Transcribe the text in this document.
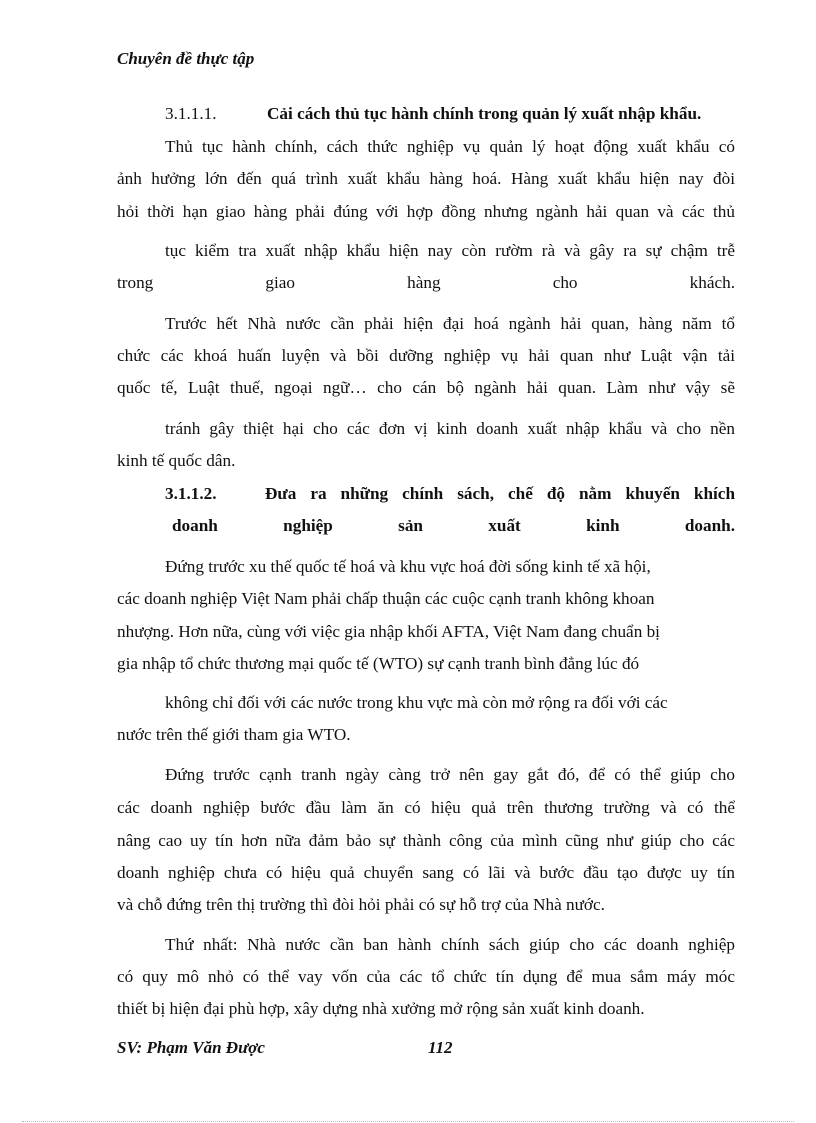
Chuyên đề thực tập
3.1.1.1.	Cải cách thủ tục hành chính trong quản lý xuất nhập khẩu.
Thủ tục hành chính, cách thức nghiệp vụ quản lý hoạt động xuất khẩu có
ảnh hưởng lớn đến quá trình xuất khẩu hàng hoá. Hàng xuất khẩu hiện nay đòi
hỏi thời hạn giao hàng phải đúng với hợp đồng nhưng ngành hải quan và các thủ
tục kiểm tra xuất nhập khẩu hiện nay còn rườm rà và gây ra sự chậm trễ
trong giao hàng cho khách.
Trước hết Nhà nước cần phải hiện đại hoá ngành hải quan, hàng năm tổ
chức các khoá huấn luyện và bồi dưỡng nghiệp vụ hải quan như Luật vận tải
quốc tế, Luật thuế, ngoại ngữ… cho cán bộ ngành hải quan. Làm như vậy sẽ
tránh gây thiệt hại cho các đơn vị kinh doanh xuất nhập khẩu và cho nền
kinh tế quốc dân.
3.1.1.2.	Đưa ra những chính sách, chế độ nằm khuyến khích
doanh nghiệp sản xuất kinh doanh.
Đứng trước xu thế quốc tế hoá và khu vực hoá đời sống kinh tế xã hội,
các doanh nghiệp Việt Nam phải chấp thuận các cuộc cạnh tranh không khoan
nhượng. Hơn nữa, cùng với việc gia nhập khối AFTA, Việt Nam đang chuẩn bị
gia nhập tổ chức thương mại quốc tế (WTO) sự cạnh tranh bình đẳng lúc đó
không chỉ đối với các nước trong khu vực mà còn mở rộng ra đối với các
nước trên thế giới tham gia WTO.
Đứng trước cạnh tranh ngày càng trở nên gay gắt đó, để có thể giúp cho
các doanh nghiệp bước đầu làm ăn có hiệu quả trên thương trường và có thể
nâng cao uy tín hơn nữa đảm bảo sự thành công của mình cũng như giúp cho các
doanh nghiệp chưa có hiệu quả chuyển sang có lãi và bước đầu tạo được uy tín
và chỗ đứng trên thị trường thì đòi hỏi phải có sự hỗ trợ của Nhà nước.
Thứ nhất: Nhà nước cần ban hành chính sách giúp cho các doanh nghiệp
có quy mô nhỏ có thể vay vốn của các tổ chức tín dụng để mua sắm máy móc
thiết bị hiện đại phù hợp, xây dựng nhà xưởng mở rộng sản xuất kinh doanh.
SV: Phạm Văn Được	112
